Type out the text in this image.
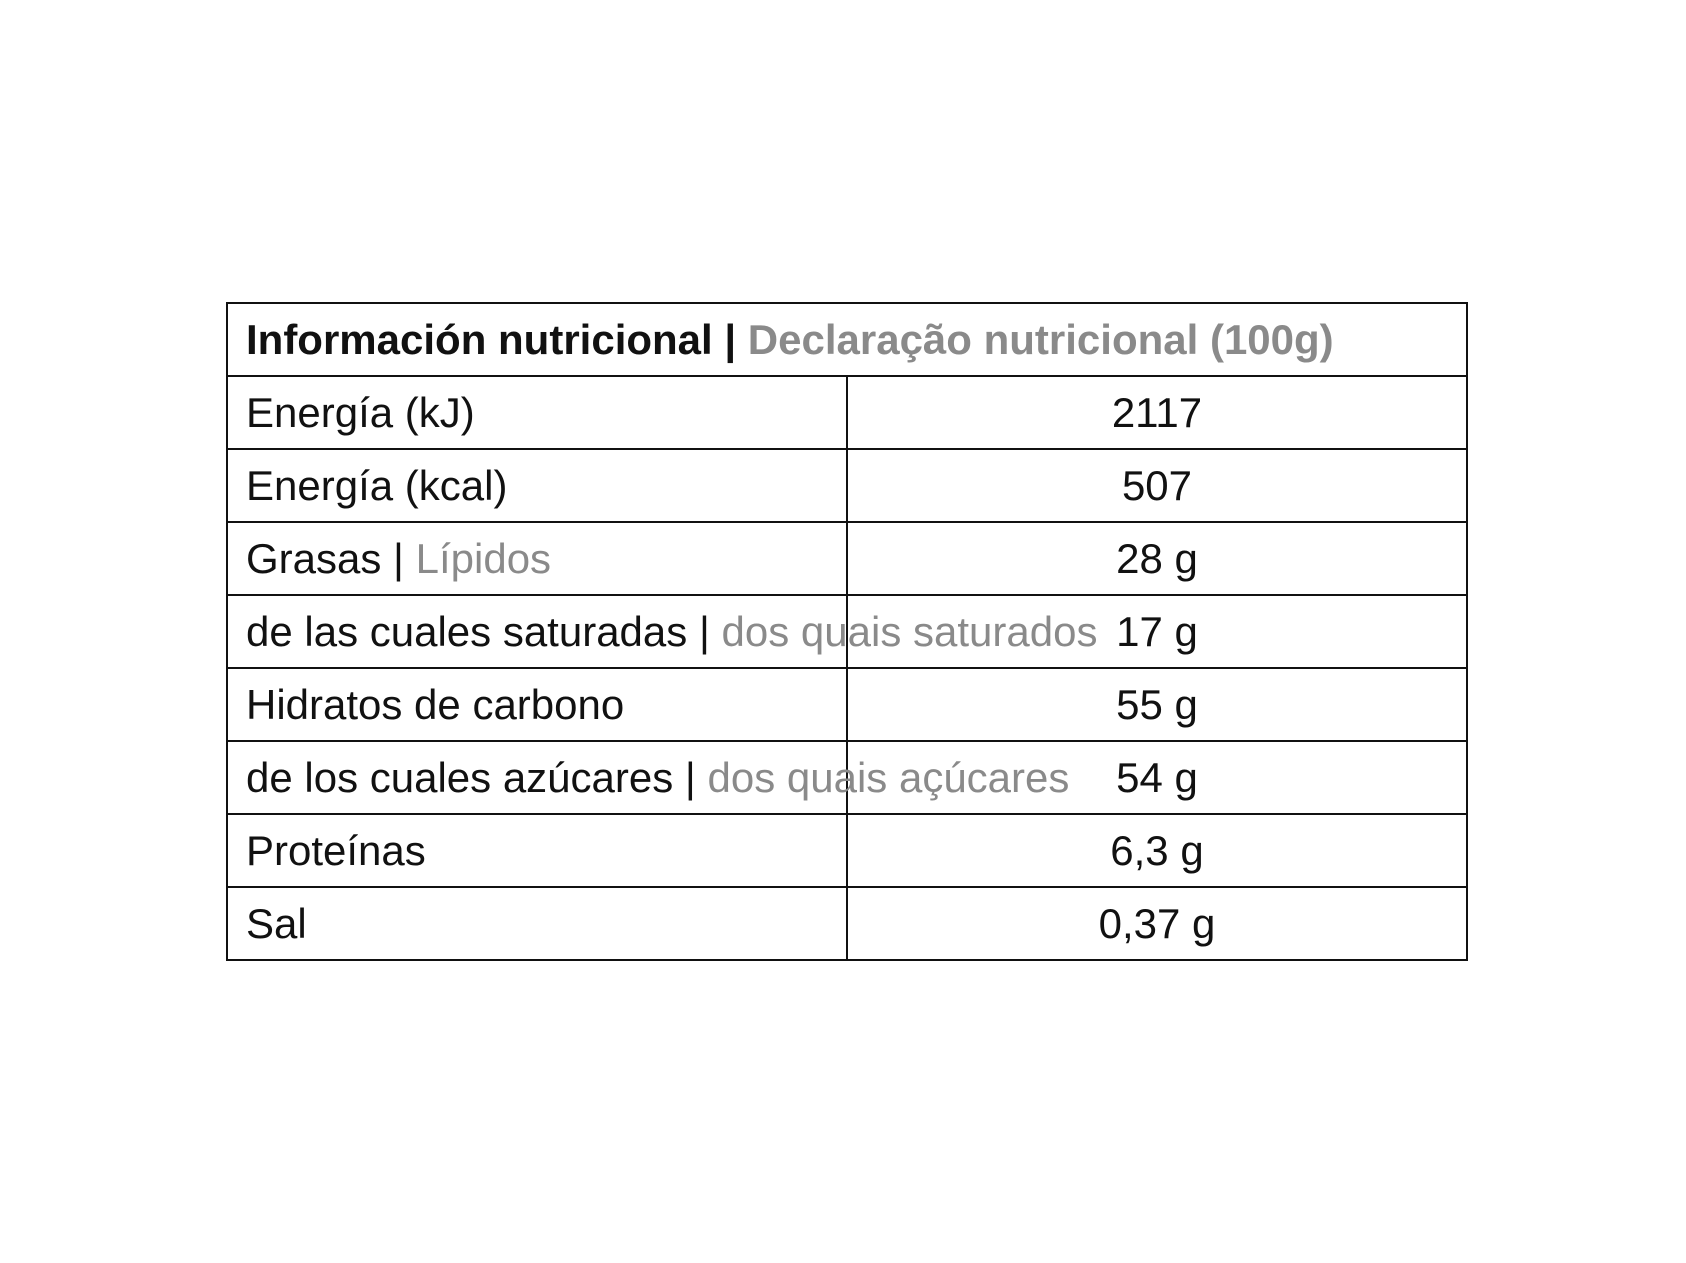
Información nutricional | Declaração nutricional (100g)	
Energía (kJ)	2117
Energía (kcal)	507
Grasas | Lípidos	28 g
de las cuales saturadas | dos quais saturados	17 g
Hidratos de carbono	55 g
de los cuales azúcares | dos quais açúcares	54 g
Proteínas	6,3 g
Sal	0,37 g
